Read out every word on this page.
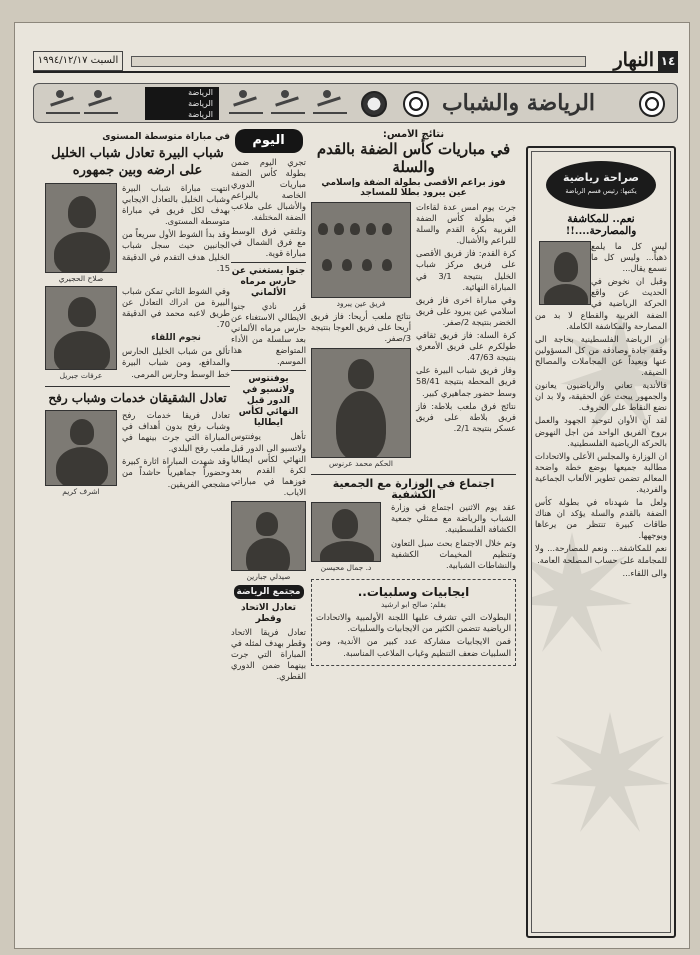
١٤
النهار
السبت ١٩٩٤/١٢/١٧
الرياضة والشباب
الرياضة
الرياضة
الرياضة
صراحة رياضية
يكتبها: رئيس قسم الرياضة
نعم.. للمكاشفة والمصارحة....!!

ليس كل ما يلمع ذهباً... وليس كل ما نسمع يقال...

وقبل ان نخوض في الحديث عن واقع الحركة الرياضية في الضفة الغربية والقطاع لا بد من المصارحة والمكاشفة الكاملة.

ان الرياضة الفلسطينية بحاجة الى وقفة جادة وصادقة من كل المسؤولين عنها وبعيداً عن المجاملات والمصالح الضيقة.

فالأندية تعاني والرياضيون يعانون والجمهور يبحث عن الحقيقة، ولا بد ان نضع النقاط على الحروف.

لقد آن الأوان لتوحيد الجهود والعمل بروح الفريق الواحد من اجل النهوض بالحركة الرياضية الفلسطينية.

ان الوزارة والمجلس الأعلى والاتحادات مطالبة جميعها بوضع خطة واضحة المعالم تضمن تطوير الألعاب الجماعية والفردية.

ولعل ما شهدناه في بطولة كأس الضفة بالقدم والسلة يؤكد ان هناك طاقات كبيرة تنتظر من يرعاها ويوجهها.

نعم للمكاشفة... ونعم للمصارحة... ولا للمجاملة على حساب المصلحة العامة.

والى اللقاء...

نتائج الأمس:
في مباريات كأس الضفة بالقدم والسلة
فوز براعم الأقصى بطولة الضفة وإسلامي عين يبرود بطلا للمساجد

جرت يوم امس عدة لقاءات في بطولة كأس الضفة الغربية بكرة القدم والسلة للبراعم والأشبال.

كرة القدم: فاز فريق الأقصى على فريق مركز شباب الخليل بنتيجة 3/1 في المباراة النهائية.

وفي مباراة اخرى فاز فريق اسلامي عين يبرود على فريق الخضر بنتيجة 2/صفر.

كرة السلة: فاز فريق ثقافي طولكرم على فريق الأمعري بنتيجة 47/63.

وفاز فريق شباب البيرة على فريق المحطة بنتيجة 58/41 وسط حضور جماهيري كبير.

نتائج فرق ملعب بلاطة: فاز فريق بلاطة على فريق عسكر بنتيجة 2/1.

فريق عين يبرود

نتائج ملعب أريحا: فاز فريق أريحا على فريق العوجا بنتيجة 3/صفر.

الحكم محمد عرنوس
اجتماع في الوزارة مع الجمعية الكشفية

عقد يوم الاثنين اجتماع في وزارة الشباب والرياضة مع ممثلي جمعية الكشافة الفلسطينية.

وتم خلال الاجتماع بحث سبل التعاون وتنظيم المخيمات الكشفية والنشاطات الشبابية.

د. جمال محيسن
ايجابيات وسلبيات..
بقلم: صالح ابو ارشيد

البطولات التي تشرف عليها اللجنة الأولمبية والاتحادات الرياضية تتضمن الكثير من الايجابيات والسلبيات.

فمن الايجابيات مشاركة عدد كبير من الأندية، ومن السلبيات ضعف التنظيم وغياب الملاعب المناسبة.

اليوم

تجري اليوم ضمن بطولة كأس الضفة مباريات الدوري الخاصة بالبراعم والأشبال على ملاعب الضفة المختلفة.

وتلتقي فرق الوسط مع فرق الشمال في مباراة قوية.

جنوا يستغني عن حارس مرماه الألماني

قرر نادي جنوا الايطالي الاستغناء عن حارس مرماه الألماني بعد سلسلة من الأداء المتواضع هذا الموسم.

يوفنتوس ولاتسيو في الدور قبل النهائي لكأس ايطاليا

تأهل يوفنتوس ولاتسيو الى الدور قبل النهائي لكأس ايطاليا لكرة القدم بعد فوزهما في مباراتي الاياب.

صيدلي جبارين
مجتمع الرياضة
تعادل الاتحاد وقطر

تعادل فريقا الاتحاد وقطر بهدف لمثله في المباراة التي جرت بينهما ضمن الدوري القطري.

في مباراة متوسطة المستوى
شباب البيرة تعادل شباب الخليل على ارضه وبين جمهوره
صلاح الحجيري

انتهت مباراة شباب البيرة وشباب الخليل بالتعادل الايجابي بهدف لكل فريق في مباراة متوسطة المستوى.

وقد بدأ الشوط الأول سريعاً من الجانبين حيث سجل شباب الخليل هدف التقدم في الدقيقة 15.

وفي الشوط الثاني تمكن شباب البيرة من ادراك التعادل عن طريق لاعبه محمد في الدقيقة 70.

نجوم اللقاء

تألق من شباب الخليل الحارس والمدافع، ومن شباب البيرة خط الوسط وحارس المرمى.

عرفات جبريل
تعادل الشقيقان خدمات وشباب رفح
اشرف كريم

تعادل فريقا خدمات رفح وشباب رفح بدون أهداف في المباراة التي جرت بينهما في ملعب رفح البلدي.

وقد شهدت المباراة اثارة كبيرة وحضوراً جماهيرياً حاشداً من مشجعي الفريقين.
